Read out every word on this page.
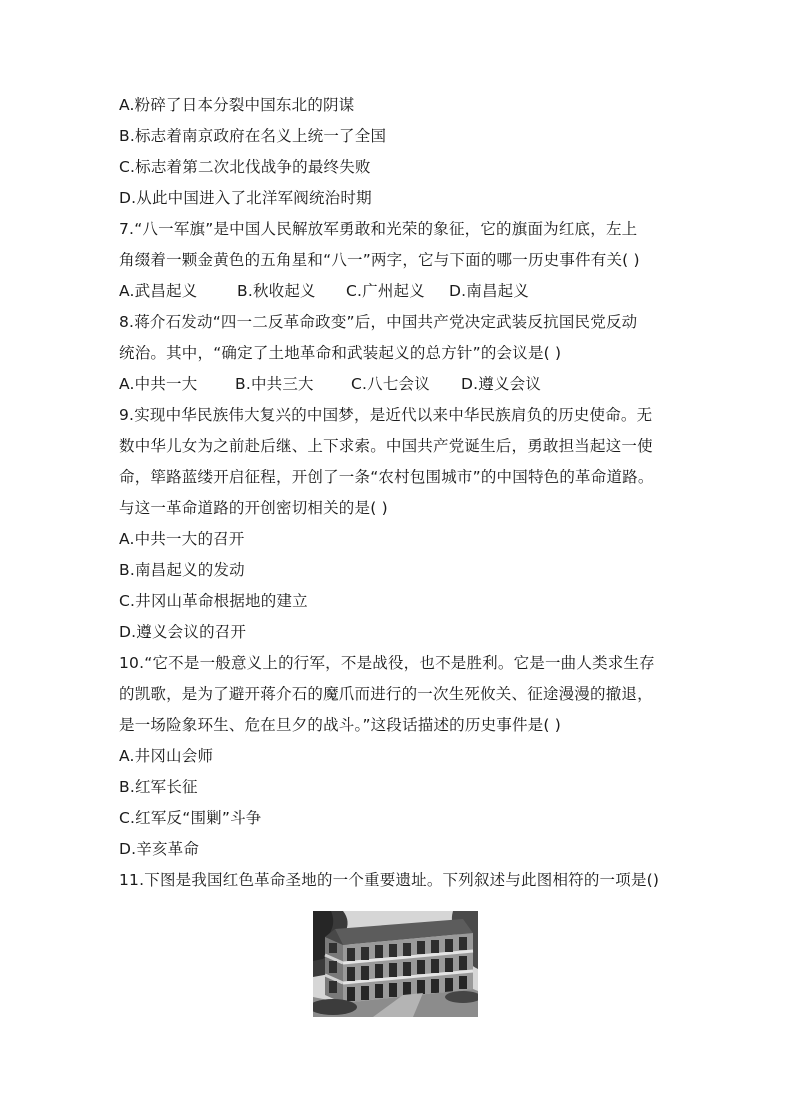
A.粉碎了日本分裂中国东北的阴谋
B.标志着南京政府在名义上统一了全国
C.标志着第二次北伐战争的最终失败
D.从此中国进入了北洋军阀统治时期
7.“八一军旗”是中国人民解放军勇敢和光荣的象征，它的旗面为红底，左上
角缀着一颗金黄色的五角星和“八一”两字，它与下面的哪一历史事件有关( )
A.武昌起义	B.秋收起义	C.广州起义	D.南昌起义
8.蒋介石发动“四一二反革命政变”后，中国共产党决定武装反抗国民党反动
统治。其中，“确定了土地革命和武装起义的总方针”的会议是( )
A.中共一大	B.中共三大	C.八七会议	D.遵义会议
9.实现中华民族伟大复兴的中国梦，是近代以来中华民族肩负的历史使命。无
数中华儿女为之前赴后继、上下求索。中国共产党诞生后，勇敢担当起这一使
命，筚路蓝缕开启征程，开创了一条“农村包围城市”的中国特色的革命道路。
与这一革命道路的开创密切相关的是( )
A.中共一大的召开
B.南昌起义的发动
C.井冈山革命根据地的建立
D.遵义会议的召开
10.“它不是一般意义上的行军，不是战役，也不是胜利。它是一曲人类求生存
的凯歌，是为了避开蒋介石的魔爪而进行的一次生死攸关、征途漫漫的撤退，
是一场险象环生、危在旦夕的战斗。”这段话描述的历史事件是( )
A.井冈山会师
B.红军长征
C.红军反“围剿”斗争
D.辛亥革命
11.下图是我国红色革命圣地的一个重要遗址。下列叙述与此图相符的一项是()
